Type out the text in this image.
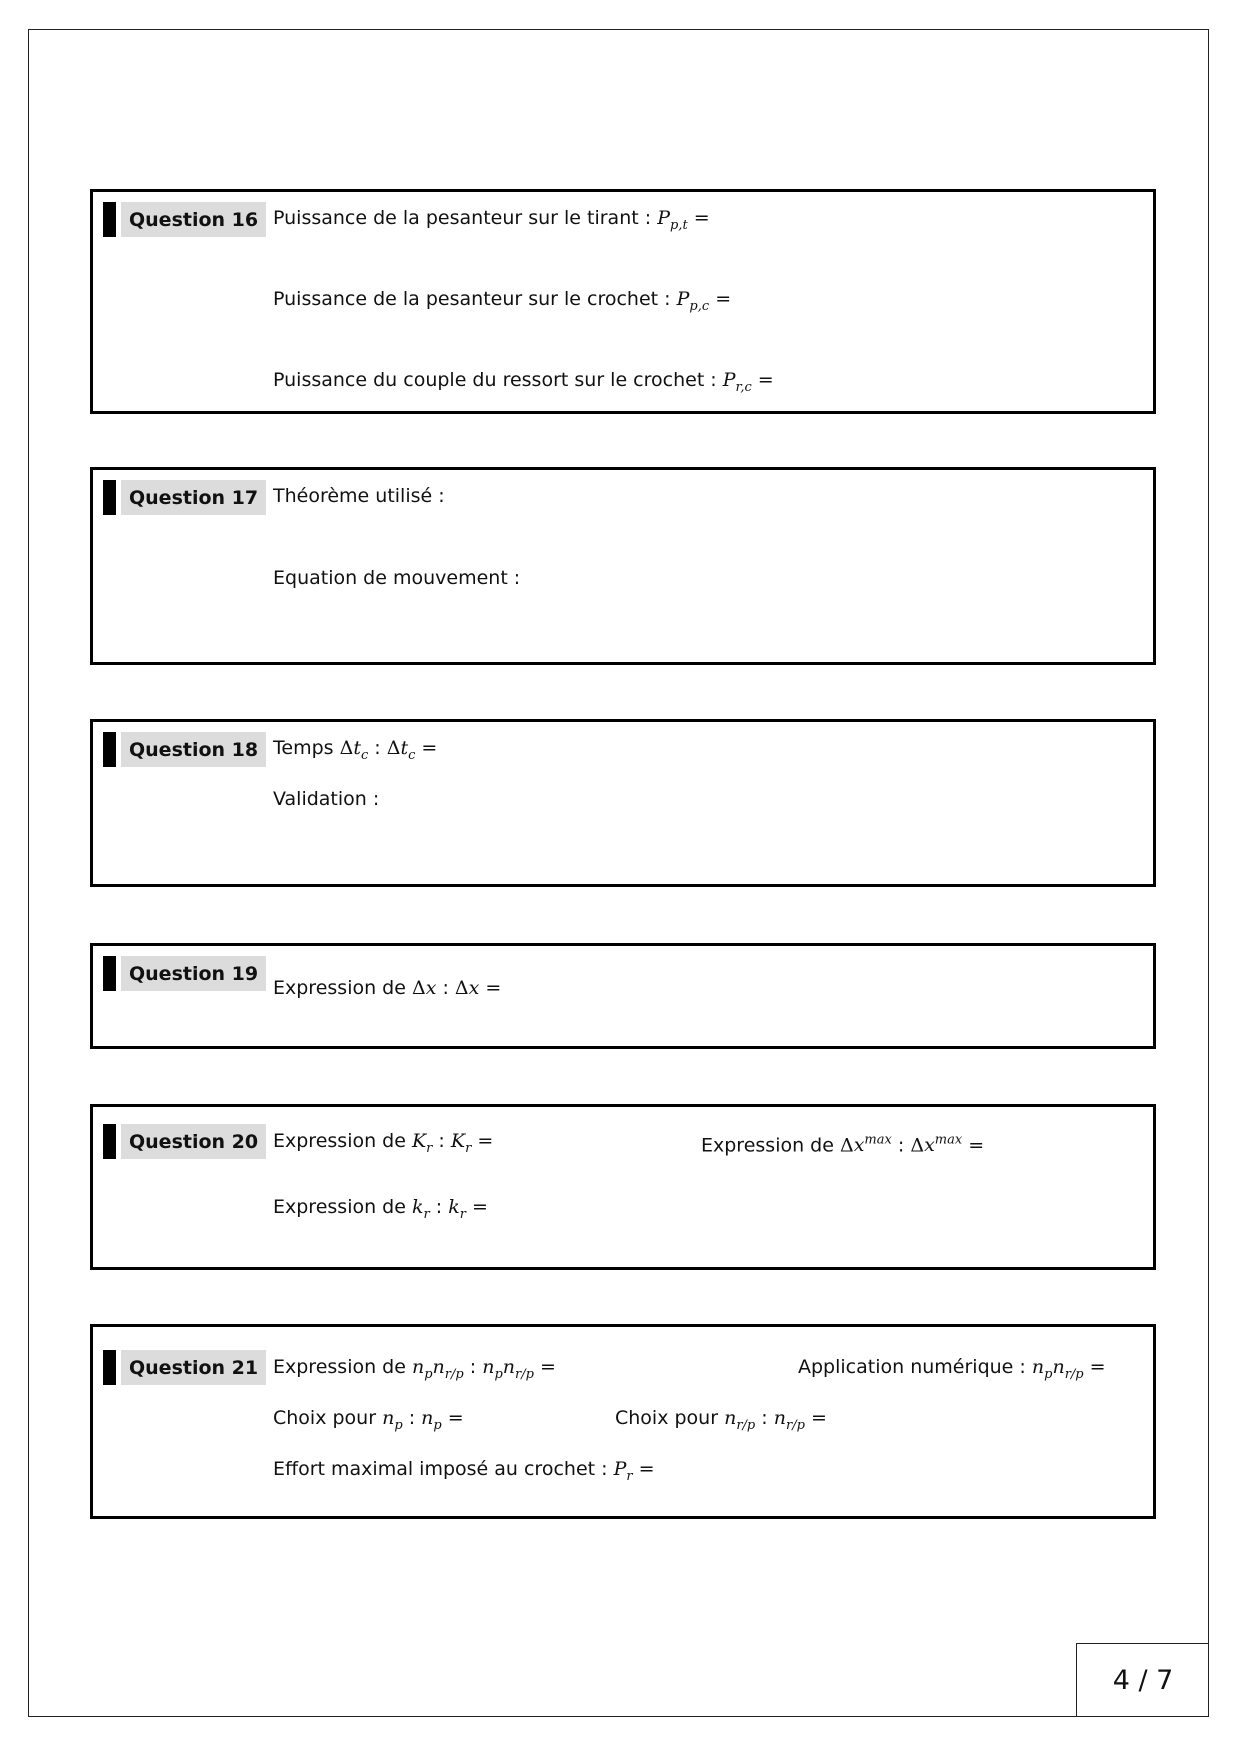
Question 16 Puissance de la pesanteur sur le tirant : $P_{p,t}$ =
Puissance de la pesanteur sur le crochet : $P_{p,c}$ =
Puissance du couple du ressort sur le crochet : $P_{r,c}$ =
Question 17 Théorème utilisé :
Equation de mouvement :
Question 18 Temps $\Delta t_c$ : $\Delta t_c$ =
Validation :
Question 19
Expression de Δx : Δx =
Question 20 Expression de $K_r$ : $K_r$ =	Expression de $\Delta x^{max}$ : $\Delta x^{max}$ =
Expression de $k_r$ : $k_r$ =
Question 21 Expression de $n_pn_{r/p}$ : $n_pn_{r/p}$ =	Application numérique : $n_pn_{r/p}$ =
Choix pour $n_p$ : $n_p$ =	Choix pour $n_{r/p}$ : $n_{r/p}$ =
Effort maximal imposé au crochet : $P_r$ =
4 / 7
